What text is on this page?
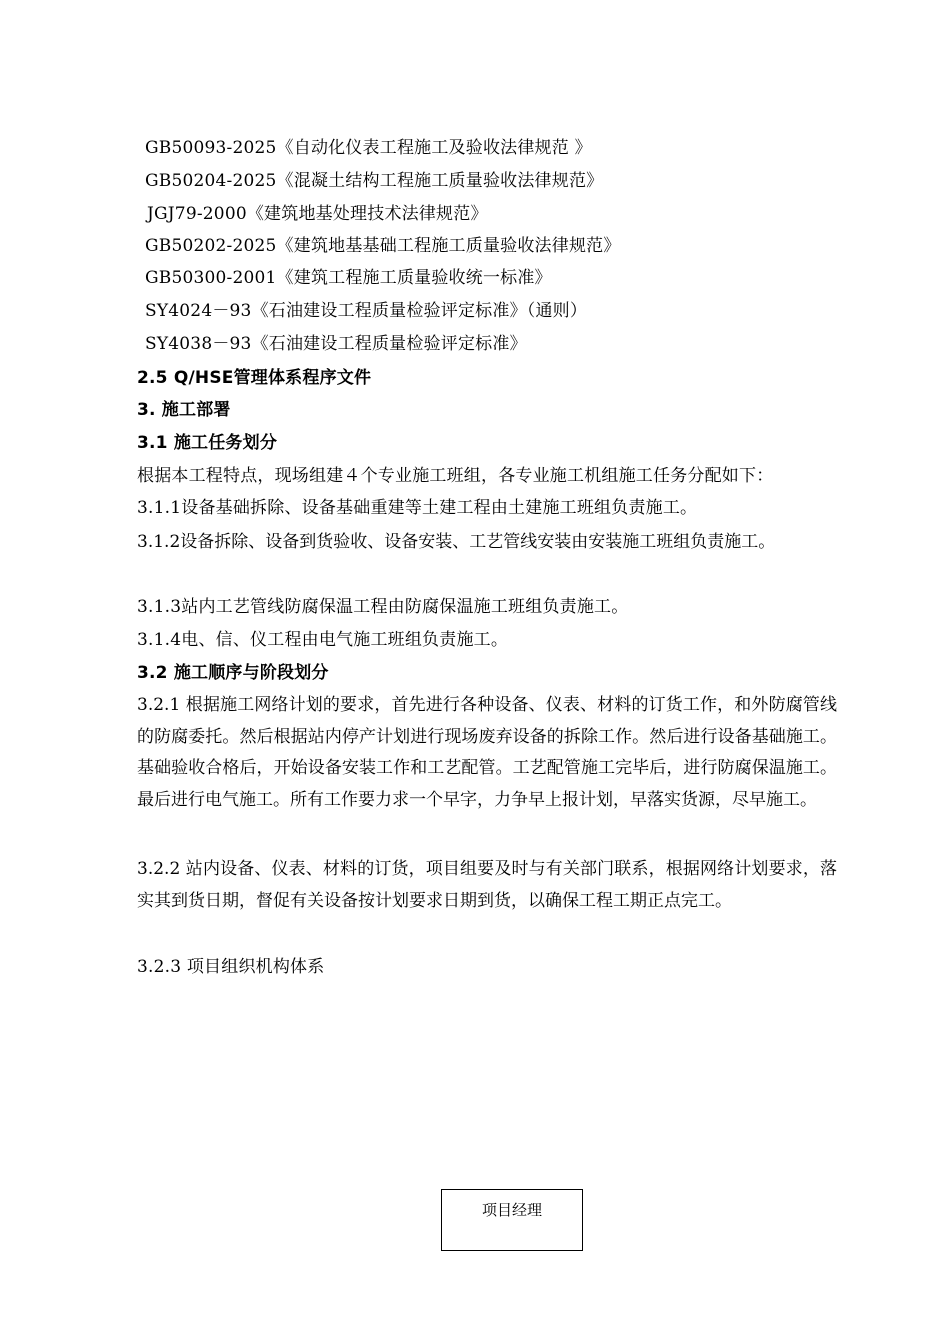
GB50093-2025《自动化仪表工程施工及验收法律规范 》
GB50204-2025《混凝土结构工程施工质量验收法律规范》
JGJ79-2000《建筑地基处理技术法律规范》
GB50202-2025《建筑地基基础工程施工质量验收法律规范》
GB50300-2001《建筑工程施工质量验收统一标准》
SY4024－93《石油建设工程质量检验评定标准》（通则）
SY4038－93《石油建设工程质量检验评定标准》
2.5 Q/HSE管理体系程序文件
3. 施工部署
3.1 施工任务划分
根据本工程特点，现场组建４个专业施工班组，各专业施工机组施工任务分配如下：
3.1.1设备基础拆除、设备基础重建等土建工程由土建施工班组负责施工。
3.1.2设备拆除、设备到货验收、设备安装、工艺管线安装由安装施工班组负责施工。
3.1.3站内工艺管线防腐保温工程由防腐保温施工班组负责施工。
3.1.4电、信、仪工程由电气施工班组负责施工。
3.2 施工顺序与阶段划分
3.2.1 根据施工网络计划的要求，首先进行各种设备、仪表、材料的订货工作，和外防腐管线的防腐委托。然后根据站内停产计划进行现场废弃设备的拆除工作。然后进行设备基础施工。基础验收合格后，开始设备安装工作和工艺配管。工艺配管施工完毕后，进行防腐保温施工。最后进行电气施工。所有工作要力求一个早字，力争早上报计划，早落实货源，尽早施工。
3.2.2 站内设备、仪表、材料的订货，项目组要及时与有关部门联系，根据网络计划要求，落实其到货日期，督促有关设备按计划要求日期到货，以确保工程工期正点完工。
3.2.3 项目组织机构体系
项目经理
